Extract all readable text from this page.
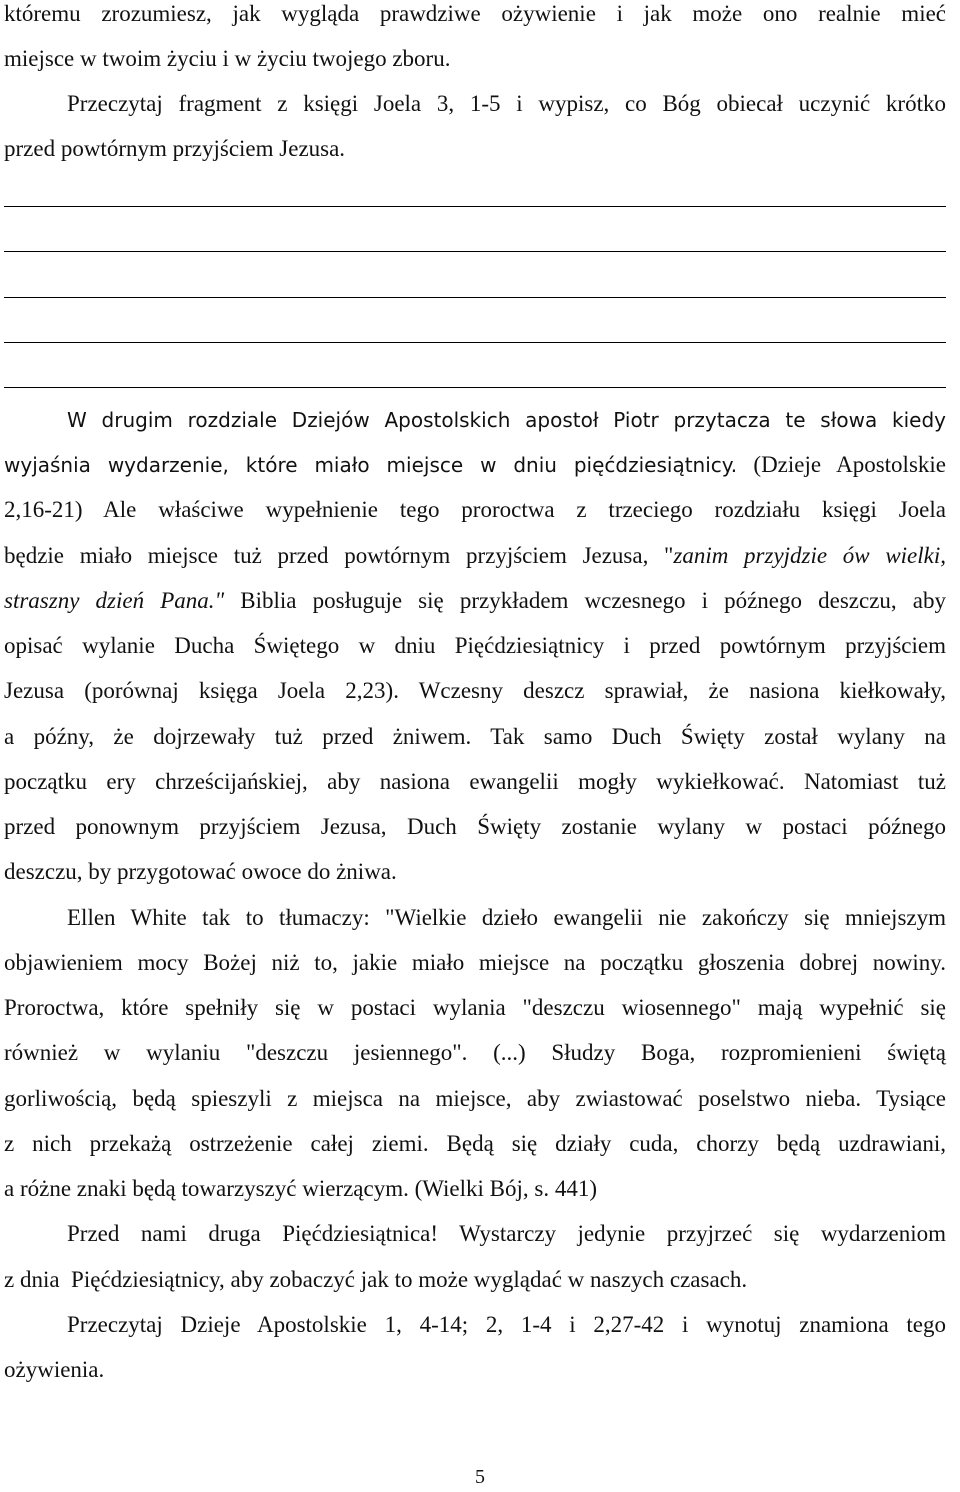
któremu zrozumiesz, jak wygląda prawdziwe ożywienie i jak może ono realnie mieć
miejsce w twoim życiu i w życiu twojego zboru.
Przeczytaj fragment z księgi Joela 3, 1-5 i wypisz, co Bóg obiecał uczynić krótko
przed powtórnym przyjściem Jezusa.
W drugim rozdziale Dziejów Apostolskich apostoł Piotr przytacza te słowa kiedy
wyjaśnia wydarzenie, które miało miejsce w dniu pięćdziesiątnicy. (Dzieje Apostolskie
2,16-21) Ale właściwe wypełnienie tego proroctwa z trzeciego rozdziału księgi Joela
będzie miało miejsce tuż przed powtórnym przyjściem Jezusa, "zanim przyjdzie ów wielki,
straszny dzień Pana." Biblia posługuje się przykładem wczesnego i późnego deszczu, aby
opisać wylanie Ducha Świętego w dniu Pięćdziesiątnicy i przed powtórnym przyjściem
Jezusa (porównaj księga Joela 2,23). Wczesny deszcz sprawiał, że nasiona kiełkowały,
a późny, że dojrzewały tuż przed żniwem. Tak samo Duch Święty został wylany na
początku ery chrześcijańskiej, aby nasiona ewangelii mogły wykiełkować. Natomiast tuż
przed ponownym przyjściem Jezusa, Duch Święty zostanie wylany w postaci późnego
deszczu, by przygotować owoce do żniwa.
Ellen White tak to tłumaczy: "Wielkie dzieło ewangelii nie zakończy się mniejszym
objawieniem mocy Bożej niż to, jakie miało miejsce na początku głoszenia dobrej nowiny.
Proroctwa, które spełniły się w postaci wylania "deszczu wiosennego" mają wypełnić się
również w wylaniu "deszczu jesiennego". (...) Słudzy Boga, rozpromienieni świętą
gorliwością, będą spieszyli z miejsca na miejsce, aby zwiastować poselstwo nieba. Tysiące
z nich przekażą ostrzeżenie całej ziemi. Będą się działy cuda, chorzy będą uzdrawiani,
a różne znaki będą towarzyszyć wierzącym. (Wielki Bój, s. 441)
Przed nami druga Pięćdziesiątnica! Wystarczy jedynie przyjrzeć się wydarzeniom
z dnia  Pięćdziesiątnicy, aby zobaczyć jak to może wyglądać w naszych czasach.
Przeczytaj Dzieje Apostolskie 1, 4-14; 2, 1-4 i 2,27-42 i wynotuj znamiona tego
ożywienia.
5
